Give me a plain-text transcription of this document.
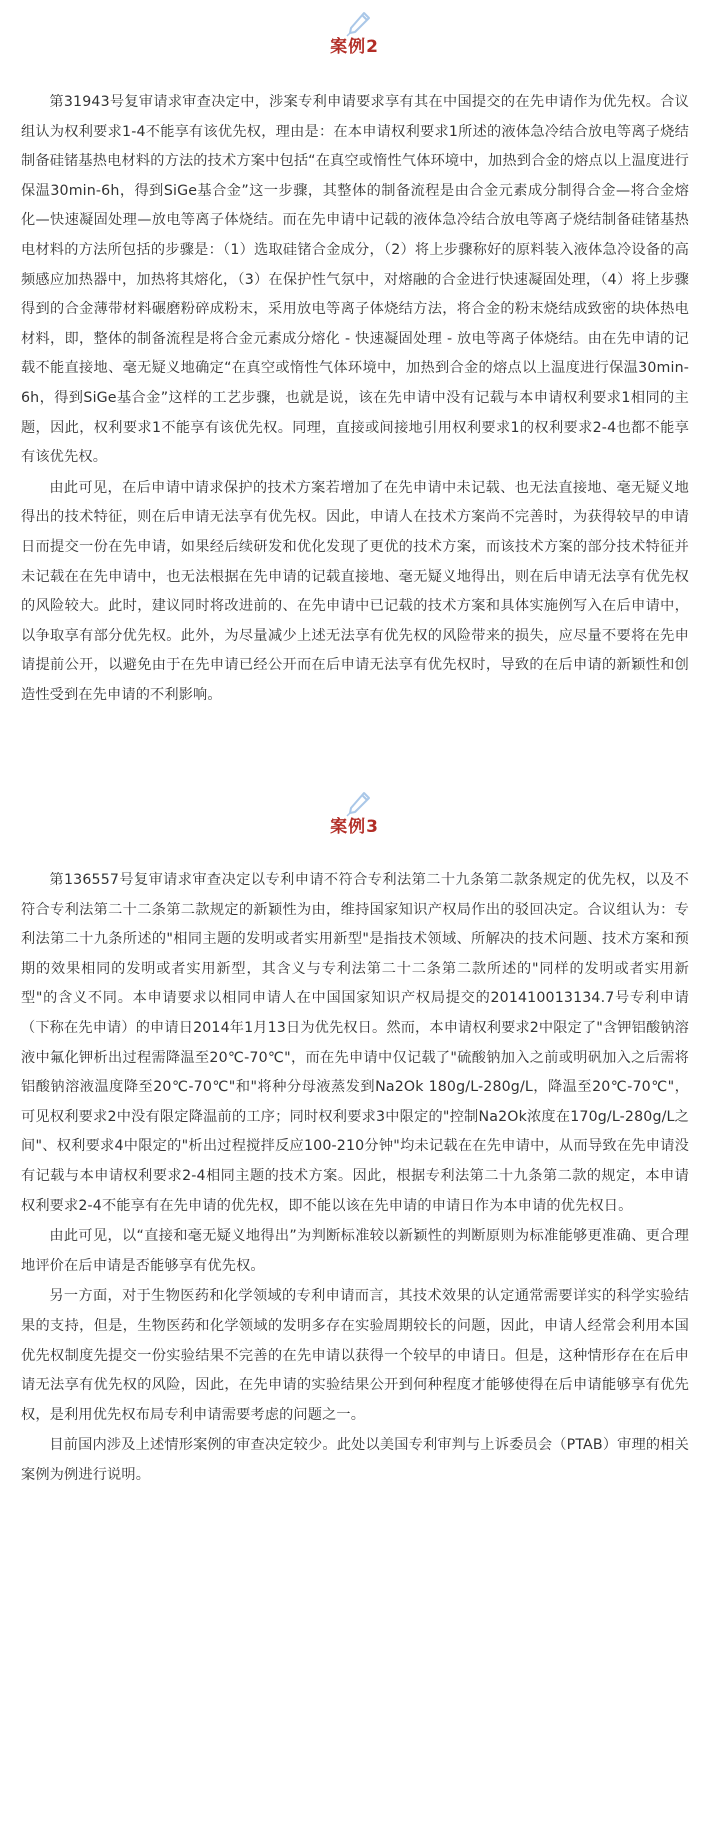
案例2

第31943号复审请求审查决定中，涉案专利申请要求享有其在中国提交的在先申请作为优先权。合议组认为权利要求1-4不能享有该优先权，理由是：在本申请权利要求1所述的液体急冷结合放电等离子烧结制备硅锗基热电材料的方法的技术方案中包括“在真空或惰性气体环境中，加热到合金的熔点以上温度进行保温30min-6h，得到SiGe基合金”这一步骤，其整体的制备流程是由合金元素成分制得合金—将合金熔化—快速凝固处理—放电等离子体烧结。而在先申请中记载的液体急冷结合放电等离子烧结制备硅锗基热电材料的方法所包括的步骤是：（1）选取硅锗合金成分，（2）将上步骤称好的原料装入液体急冷设备的高频感应加热器中，加热将其熔化，（3）在保护性气氛中，对熔融的合金进行快速凝固处理，（4）将上步骤得到的合金薄带材料碾磨粉碎成粉末，采用放电等离子体烧结方法，将合金的粉末烧结成致密的块体热电材料，即，整体的制备流程是将合金元素成分熔化 - 快速凝固处理 - 放电等离子体烧结。由在先申请的记载不能直接地、毫无疑义地确定“在真空或惰性气体环境中，加热到合金的熔点以上温度进行保温30min-6h，得到SiGe基合金”这样的工艺步骤，也就是说，该在先申请中没有记载与本申请权利要求1相同的主题，因此，权利要求1不能享有该优先权。同理，直接或间接地引用权利要求1的权利要求2-4也都不能享有该优先权。

由此可见，在后申请中请求保护的技术方案若增加了在先申请中未记载、也无法直接地、毫无疑义地得出的技术特征，则在后申请无法享有优先权。因此，申请人在技术方案尚不完善时，为获得较早的申请日而提交一份在先申请，如果经后续研发和优化发现了更优的技术方案，而该技术方案的部分技术特征并未记载在在先申请中，也无法根据在先申请的记载直接地、毫无疑义地得出，则在后申请无法享有优先权的风险较大。此时，建议同时将改进前的、在先申请中已记载的技术方案和具体实施例写入在后申请中，以争取享有部分优先权。此外，为尽量减少上述无法享有优先权的风险带来的损失，应尽量不要将在先申请提前公开，以避免由于在先申请已经公开而在后申请无法享有优先权时，导致的在后申请的新颖性和创造性受到在先申请的不利影响。

案例3

第136557号复审请求审查决定以专利申请不符合专利法第二十九条第二款条规定的优先权，以及不符合专利法第二十二条第二款规定的新颖性为由，维持国家知识产权局作出的驳回决定。合议组认为：专利法第二十九条所述的"相同主题的发明或者实用新型"是指技术领域、所解决的技术问题、技术方案和预期的效果相同的发明或者实用新型，其含义与专利法第二十二条第二款所述的"同样的发明或者实用新型"的含义不同。本申请要求以相同申请人在中国国家知识产权局提交的201410013134.7号专利申请（下称在先申请）的申请日2014年1月13日为优先权日。然而，本申请权利要求2中限定了"含钾铝酸钠溶液中氟化钾析出过程需降温至20℃-70℃"，而在先申请中仅记载了"硫酸钠加入之前或明矾加入之后需将铝酸钠溶液温度降至20℃-70℃"和"将种分母液蒸发到Na2Ok 180g/L-280g/L，降温至20℃-70℃"，可见权利要求2中没有限定降温前的工序；同时权利要求3中限定的"控制Na2Ok浓度在170g/L-280g/L之间"、权利要求4中限定的"析出过程搅拌反应100-210分钟"均未记载在在先申请中，从而导致在先申请没有记载与本申请权利要求2-4相同主题的技术方案。因此，根据专利法第二十九条第二款的规定，本申请权利要求2-4不能享有在先申请的优先权，即不能以该在先申请的申请日作为本申请的优先权日。

由此可见，以“直接和毫无疑义地得出”为判断标准较以新颖性的判断原则为标准能够更准确、更合理地评价在后申请是否能够享有优先权。

另一方面，对于生物医药和化学领域的专利申请而言，其技术效果的认定通常需要详实的科学实验结果的支持，但是，生物医药和化学领域的发明多存在实验周期较长的问题，因此，申请人经常会利用本国优先权制度先提交一份实验结果不完善的在先申请以获得一个较早的申请日。但是，这种情形存在在后申请无法享有优先权的风险，因此，在先申请的实验结果公开到何种程度才能够使得在后申请能够享有优先权，是利用优先权布局专利申请需要考虑的问题之一。

目前国内涉及上述情形案例的审查决定较少。此处以美国专利审判与上诉委员会（PTAB）审理的相关案例为例进行说明。
